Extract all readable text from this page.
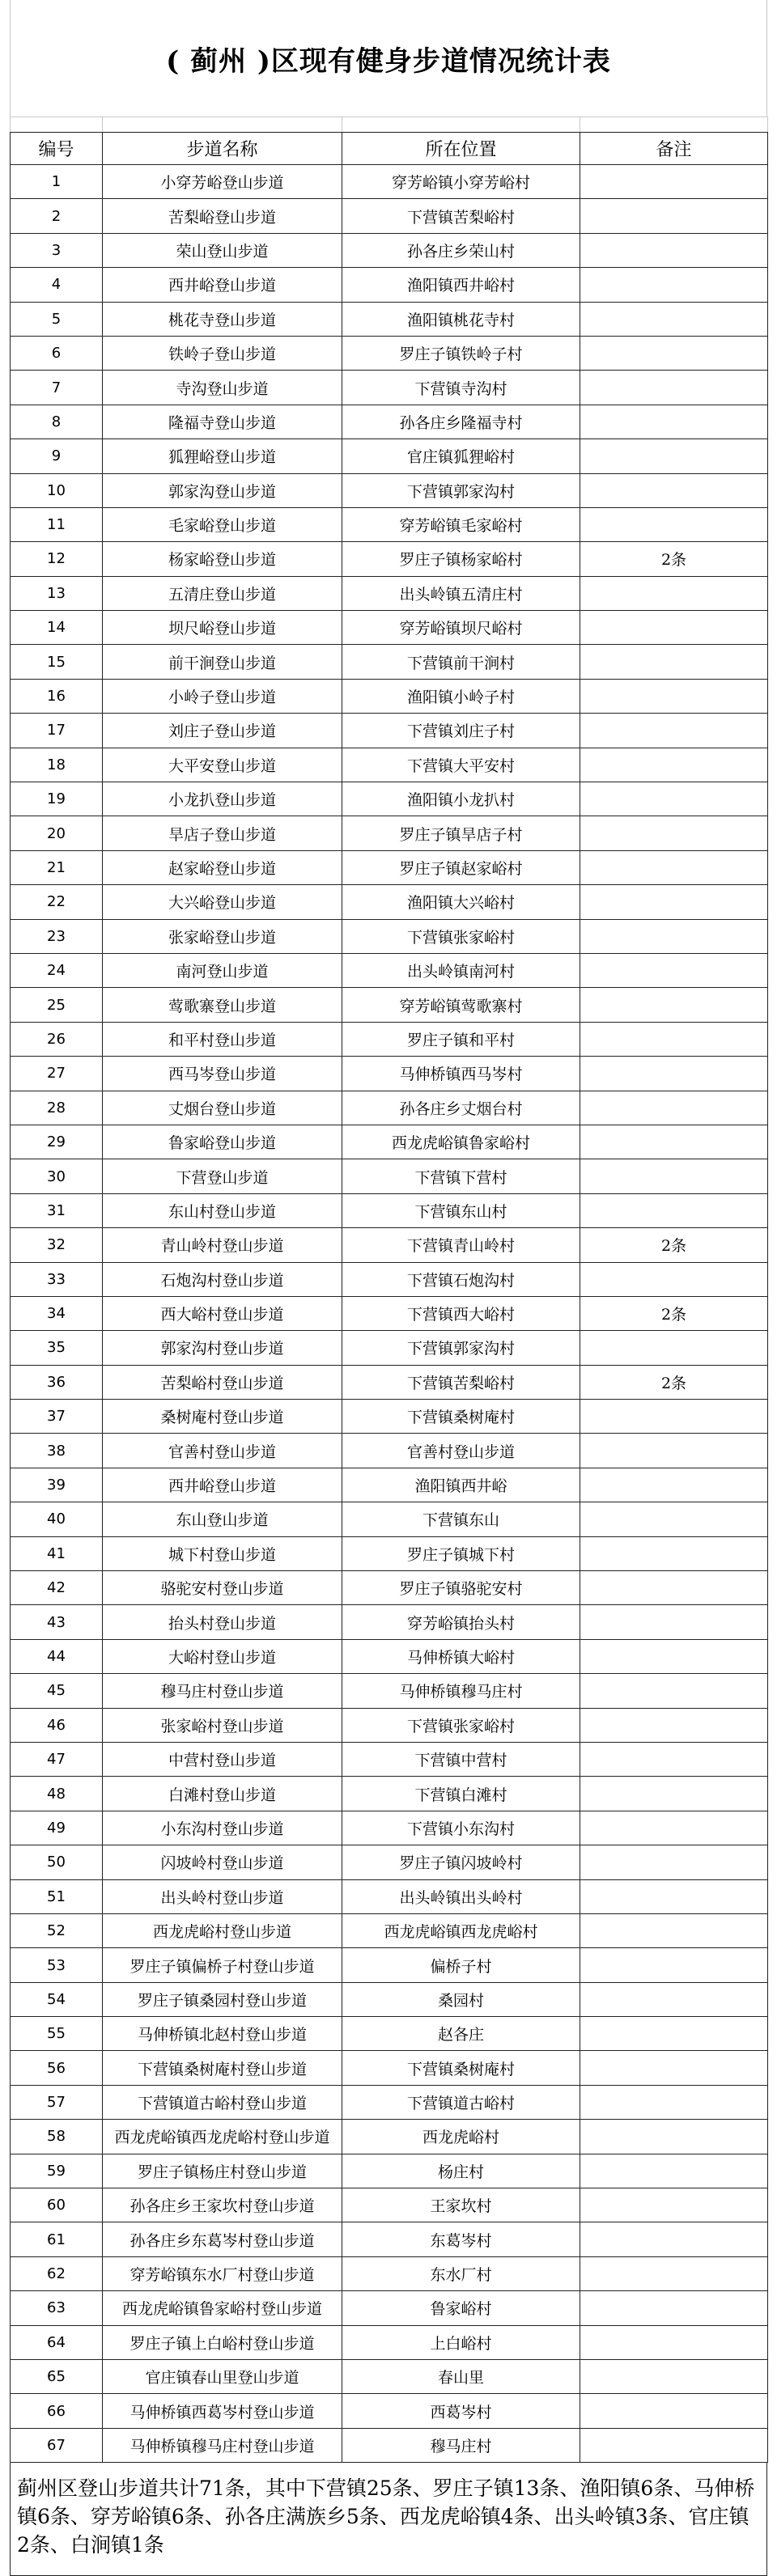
( 蓟州 )区现有健身步道情况统计表

编号	步道名称	所在位置	备注
1	小穿芳峪登山步道	穿芳峪镇小穿芳峪村	
2	苦梨峪登山步道	下营镇苦梨峪村	
3	荣山登山步道	孙各庄乡荣山村	
4	西井峪登山步道	渔阳镇西井峪村	
5	桃花寺登山步道	渔阳镇桃花寺村	
6	铁岭子登山步道	罗庄子镇铁岭子村	
7	寺沟登山步道	下营镇寺沟村	
8	隆福寺登山步道	孙各庄乡隆福寺村	
9	狐狸峪登山步道	官庄镇狐狸峪村	
10	郭家沟登山步道	下营镇郭家沟村	
11	毛家峪登山步道	穿芳峪镇毛家峪村	
12	杨家峪登山步道	罗庄子镇杨家峪村	2条
13	五清庄登山步道	出头岭镇五清庄村	
14	坝尺峪登山步道	穿芳峪镇坝尺峪村	
15	前干涧登山步道	下营镇前干涧村	
16	小岭子登山步道	渔阳镇小岭子村	
17	刘庄子登山步道	下营镇刘庄子村	
18	大平安登山步道	下营镇大平安村	
19	小龙扒登山步道	渔阳镇小龙扒村	
20	旱店子登山步道	罗庄子镇旱店子村	
21	赵家峪登山步道	罗庄子镇赵家峪村	
22	大兴峪登山步道	渔阳镇大兴峪村	
23	张家峪登山步道	下营镇张家峪村	
24	南河登山步道	出头岭镇南河村	
25	莺歌寨登山步道	穿芳峪镇莺歌寨村	
26	和平村登山步道	罗庄子镇和平村	
27	西马岑登山步道	马伸桥镇西马岑村	
28	丈烟台登山步道	孙各庄乡丈烟台村	
29	鲁家峪登山步道	西龙虎峪镇鲁家峪村	
30	下营登山步道	下营镇下营村	
31	东山村登山步道	下营镇东山村	
32	青山岭村登山步道	下营镇青山岭村	2条
33	石炮沟村登山步道	下营镇石炮沟村	
34	西大峪村登山步道	下营镇西大峪村	2条
35	郭家沟村登山步道	下营镇郭家沟村	
36	苦梨峪村登山步道	下营镇苦梨峪村	2条
37	桑树庵村登山步道	下营镇桑树庵村	
38	官善村登山步道	官善村登山步道	
39	西井峪登山步道	渔阳镇西井峪	
40	东山登山步道	下营镇东山	
41	城下村登山步道	罗庄子镇城下村	
42	骆驼安村登山步道	罗庄子镇骆驼安村	
43	抬头村登山步道	穿芳峪镇抬头村	
44	大峪村登山步道	马伸桥镇大峪村	
45	穆马庄村登山步道	马伸桥镇穆马庄村	
46	张家峪村登山步道	下营镇张家峪村	
47	中营村登山步道	下营镇中营村	
48	白滩村登山步道	下营镇白滩村	
49	小东沟村登山步道	下营镇小东沟村	
50	闪坡岭村登山步道	罗庄子镇闪坡岭村	
51	出头岭村登山步道	出头岭镇出头岭村	
52	西龙虎峪村登山步道	西龙虎峪镇西龙虎峪村	
53	罗庄子镇偏桥子村登山步道	偏桥子村	
54	罗庄子镇桑园村登山步道	桑园村	
55	马伸桥镇北赵村登山步道	赵各庄	
56	下营镇桑树庵村登山步道	下营镇桑树庵村	
57	下营镇道古峪村登山步道	下营镇道古峪村	
58	西龙虎峪镇西龙虎峪村登山步道	西龙虎峪村	
59	罗庄子镇杨庄村登山步道	杨庄村	
60	孙各庄乡王家坎村登山步道	王家坎村	
61	孙各庄乡东葛岑村登山步道	东葛岑村	
62	穿芳峪镇东水厂村登山步道	东水厂村	
63	西龙虎峪镇鲁家峪村登山步道	鲁家峪村	
64	罗庄子镇上白峪村登山步道	上白峪村	
65	官庄镇春山里登山步道	春山里	
66	马伸桥镇西葛岑村登山步道	西葛岑村	
67	马伸桥镇穆马庄村登山步道	穆马庄村	
蓟州区登山步道共计71条，其中下营镇25条、罗庄子镇13条、渔阳镇6条、马伸桥镇6条、穿芳峪镇6条、孙各庄满族乡5条、西龙虎峪镇4条、出头岭镇3条、官庄镇2条、白涧镇1条
